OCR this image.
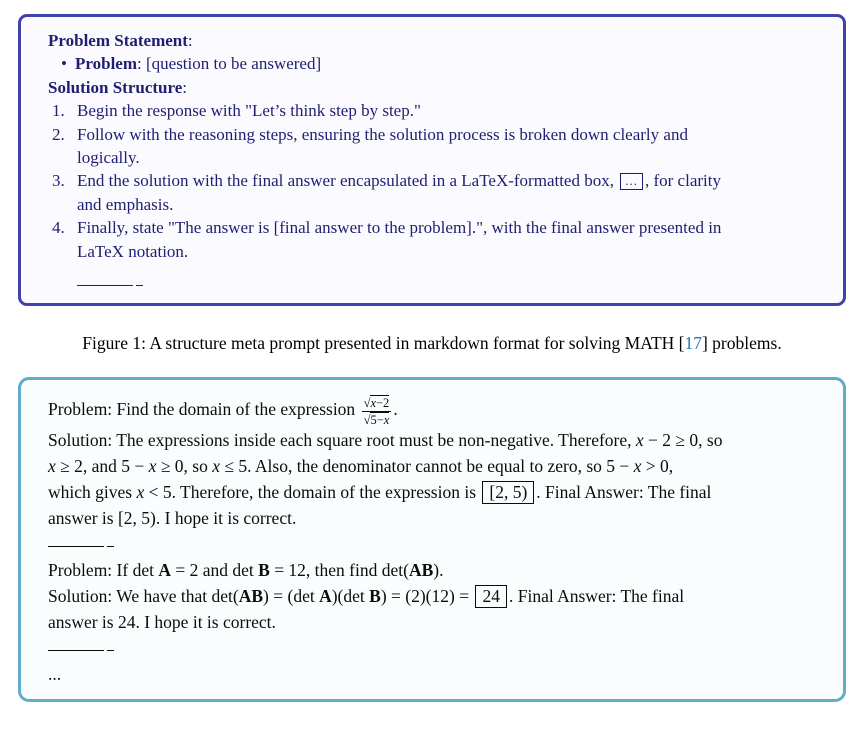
Problem Statement:
• Problem: [question to be answered]
Solution Structure:
1. Begin the response with "Let’s think step by step."
2. Follow with the reasoning steps, ensuring the solution process is broken down clearly and
logically.
3. End the solution with the final answer encapsulated in a LaTeX-formatted box, ... , for clarity
and emphasis.
4. Finally, state "The answer is [final answer to the problem].", with the final answer presented in
LaTeX notation.
Figure 1: A structure meta prompt presented in markdown format for solving MATH [17] problems.
Problem: Find the domain of the expression $\frac{√x-2}{√5-x}$ .
Solution: The expressions inside each square root must be non-negative. Therefore, x − 2 ≥ 0, so
x ≥ 2, and 5 − x ≥ 0, so x ≤ 5. Also, the denominator cannot be equal to zero, so 5 − x > 0,
which gives x < 5. Therefore, the domain of the expression is [2, 5) . Final Answer: The final
answer is [2, 5). I hope it is correct.
Problem: If det A = 2 and det B = 12, then find det(AB).
Solution: We have that det(AB) = (det A)(det B) = (2)(12) = 24 . Final Answer: The final
answer is 24. I hope it is correct.
...
